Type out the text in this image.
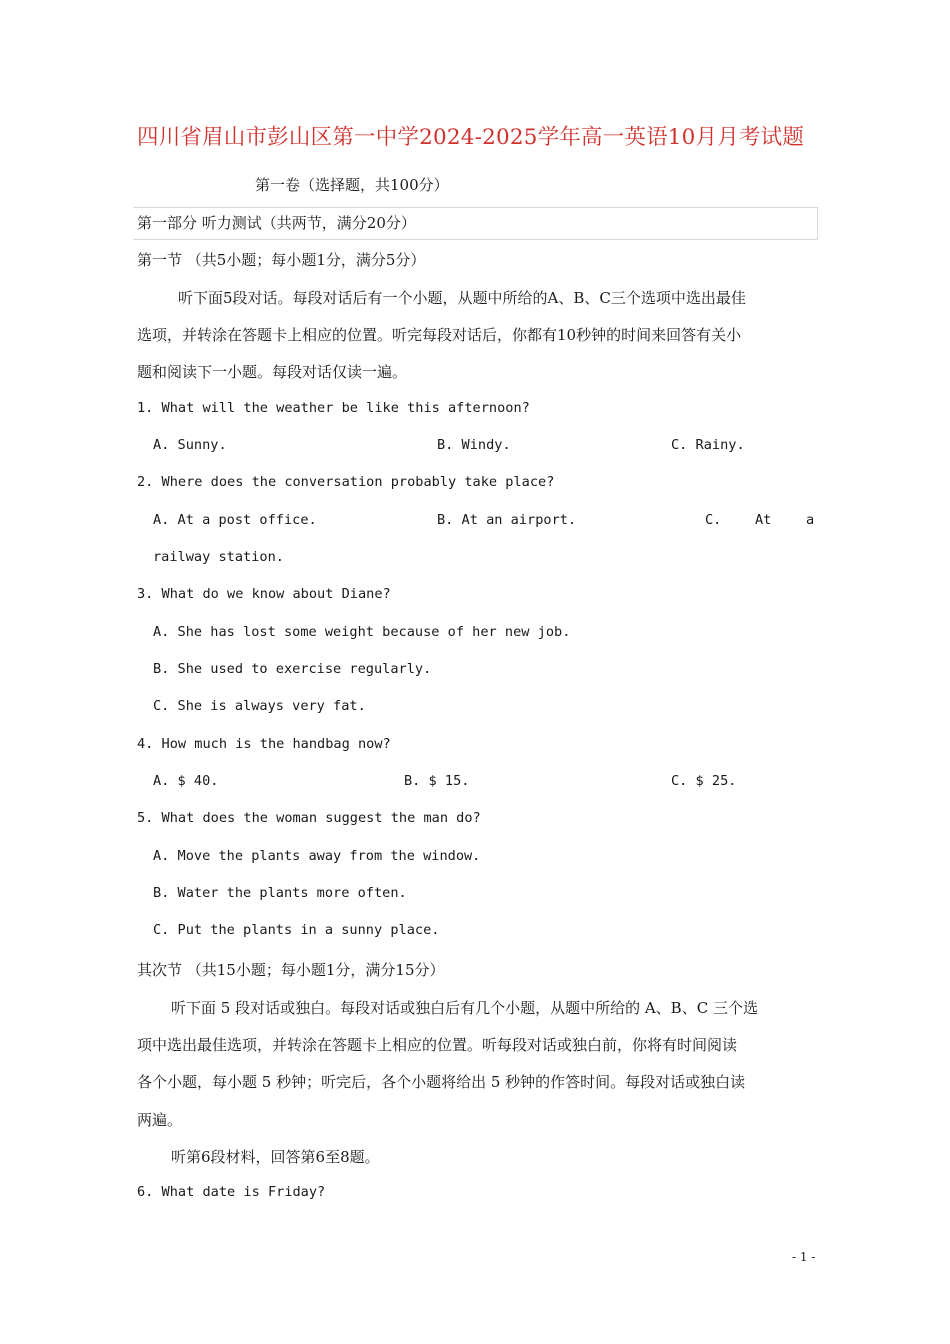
四川省眉山市彭山区第一中学2024-2025学年高一英语10月月考试题
第一卷（选择题，共100分）
第一部分 听力测试（共两节，满分20分）
第一节 （共5小题；每小题1分，满分5分）
听下面5段对话。每段对话后有一个小题，从题中所给的A、B、C三个选项中选出最佳
选项，并转涂在答题卡上相应的位置。听完每段对话后，你都有10秒钟的时间来回答有关小
题和阅读下一小题。每段对话仅读一遍。
1. What will the weather be like this afternoon?
A. Sunny.	B. Windy.	C. Rainy.
2. Where does the conversation probably take place?
A. At a post office.	B. At an airport.	C. At	a
railway station.
3. What do we know about Diane?
A. She has lost some weight because of her new job.
B. She used to exercise regularly.
C. She is always very fat.
4. How much is the handbag now?
A. $ 40.	B. $ 15.	C. $ 25.
5. What does the woman suggest the man do?
A. Move the plants away from the window.
B. Water the plants more often.
C. Put the plants in a sunny place.
其次节 （共15小题；每小题1分，满分15分）
听下面 5 段对话或独白。每段对话或独白后有几个小题，从题中所给的 A、B、C 三个选
项中选出最佳选项，并转涂在答题卡上相应的位置。听每段对话或独白前，你将有时间阅读
各个小题，每小题 5 秒钟；听完后，各个小题将给出 5 秒钟的作答时间。每段对话或独白读
两遍。
听第6段材料，回答第6至8题。
6. What date is Friday?
- 1 -
